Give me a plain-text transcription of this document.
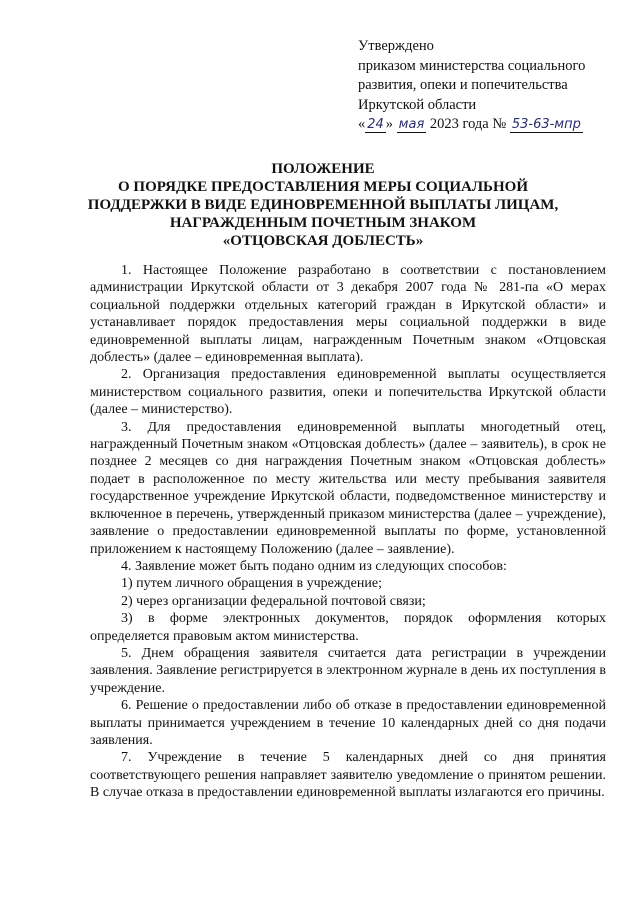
Утверждено
приказом министерства социального
развития, опеки и попечительства
Иркутской области
« 24 » мая 2023 года № 53-63-мпр
ПОЛОЖЕНИЕ
О ПОРЯДКЕ ПРЕДОСТАВЛЕНИЯ МЕРЫ СОЦИАЛЬНОЙ
ПОДДЕРЖКИ В ВИДЕ ЕДИНОВРЕМЕННОЙ ВЫПЛАТЫ ЛИЦАМ,
НАГРАЖДЕННЫМ ПОЧЕТНЫМ ЗНАКОМ
«ОТЦОВСКАЯ ДОБЛЕСТЬ»

1. Настоящее Положение разработано в соответствии с постановлением администрации Иркутской области от 3 декабря 2007 года № 281-па «О мерах социальной поддержки отдельных категорий граждан в Иркутской области» и устанавливает порядок предоставления меры социальной поддержки в виде единовременной выплаты лицам, награжденным Почетным знаком «Отцовская доблесть» (далее – единовременная выплата).

2. Организация предоставления единовременной выплаты осуществляется министерством социального развития, опеки и попечительства Иркутской области (далее – министерство).

3. Для предоставления единовременной выплаты многодетный отец, награжденный Почетным знаком «Отцовская доблесть» (далее – заявитель), в срок не позднее 2 месяцев со дня награждения Почетным знаком «Отцовская доблесть» подает в расположенное по месту жительства или месту пребывания заявителя государственное учреждение Иркутской области, подведомственное министерству и включенное в перечень, утвержденный приказом министерства (далее – учреждение), заявление о предоставлении единовременной выплаты по форме, установленной приложением к настоящему Положению (далее – заявление).

4. Заявление может быть подано одним из следующих способов:

1) путем личного обращения в учреждение;

2) через организации федеральной почтовой связи;

3) в форме электронных документов, порядок оформления которых определяется правовым актом министерства.

5. Днем обращения заявителя считается дата регистрации в учреждении заявления. Заявление регистрируется в электронном журнале в день их поступления в учреждение.

6. Решение о предоставлении либо об отказе в предоставлении единовременной выплаты принимается учреждением в течение 10 календарных дней со дня подачи заявления.

7. Учреждение в течение 5 календарных дней со дня принятия соответствующего решения направляет заявителю уведомление о принятом решении. В случае отказа в предоставлении единовременной выплаты излагаются его причины.
